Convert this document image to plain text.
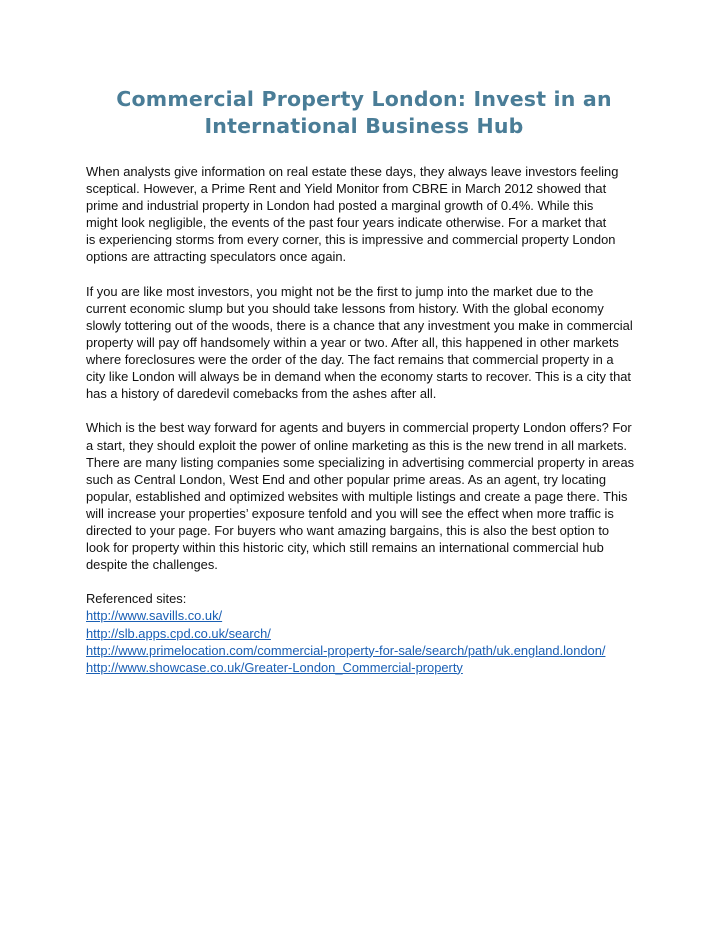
Commercial Property London: Invest in an
International Business Hub

When analysts give information on real estate these days, they always leave investors feeling
sceptical. However, a Prime Rent and Yield Monitor from CBRE in March 2012 showed that
prime and industrial property in London had posted a marginal growth of 0.4%. While this
might look negligible, the events of the past four years indicate otherwise. For a market that
is experiencing storms from every corner, this is impressive and commercial property London
options are attracting speculators once again.

If you are like most investors, you might not be the first to jump into the market due to the
current economic slump but you should take lessons from history. With the global economy
slowly tottering out of the woods, there is a chance that any investment you make in commercial
property will pay off handsomely within a year or two. After all, this happened in other markets
where foreclosures were the order of the day. The fact remains that commercial property in a
city like London will always be in demand when the economy starts to recover. This is a city that
has a history of daredevil comebacks from the ashes after all.

Which is the best way forward for agents and buyers in commercial property London offers? For
a start, they should exploit the power of online marketing as this is the new trend in all markets.
There are many listing companies some specializing in advertising commercial property in areas
such as Central London, West End and other popular prime areas. As an agent, try locating
popular, established and optimized websites with multiple listings and create a page there. This
will increase your properties’ exposure tenfold and you will see the effect when more traffic is
directed to your page. For buyers who want amazing bargains, this is also the best option to
look for property within this historic city, which still remains an international commercial hub
despite the challenges.

Referenced sites:
http://www.savills.co.uk/
http://slb.apps.cpd.co.uk/search/
http://www.primelocation.com/commercial-property-for-sale/search/path/uk.england.london/
http://www.showcase.co.uk/Greater-London_Commercial-property
